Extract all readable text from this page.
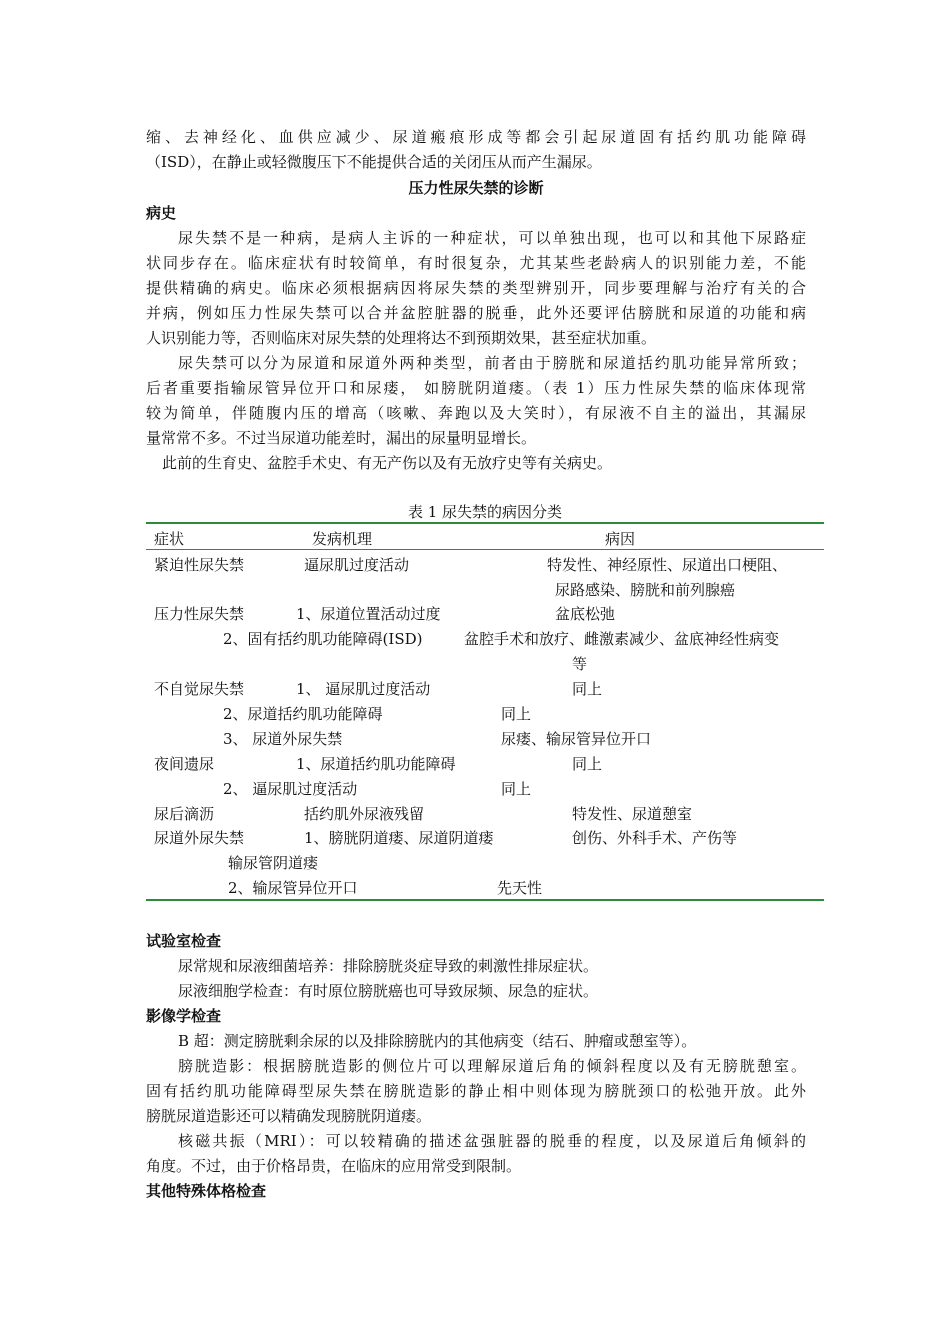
缩、去神经化、血供应减少、尿道瘢痕形成等都会引起尿道固有括约肌功能障碍
（ISD），在静止或轻微腹压下不能提供合适的关闭压从而产生漏尿。
压力性尿失禁的诊断
病史
尿失禁不是一种病，是病人主诉的一种症状，可以单独出现，也可以和其他下尿路症
状同步存在。临床症状有时较简单，有时很复杂，尤其某些老龄病人的识别能力差，不能
提供精确的病史。临床必须根据病因将尿失禁的类型辨别开，同步要理解与治疗有关的合
并病，例如压力性尿失禁可以合并盆腔脏器的脱垂，此外还要评估膀胱和尿道的功能和病
人识别能力等，否则临床对尿失禁的处理将达不到预期效果，甚至症状加重。
尿失禁可以分为尿道和尿道外两种类型，前者由于膀胱和尿道括约肌功能异常所致；
后者重要指输尿管异位开口和尿瘘， 如膀胱阴道瘘。（表 1）压力性尿失禁的临床体现常
较为简单，伴随腹内压的增高（咳嗽、奔跑以及大笑时），有尿液不自主的溢出，其漏尿
量常常不多。不过当尿道功能差时，漏出的尿量明显增长。
此前的生育史、盆腔手术史、有无产伤以及有无放疗史等有关病史。
表 1 尿失禁的病因分类
症状	发病机理	病因
紧迫性尿失禁	逼尿肌过度活动	特发性、神经原性、尿道出口梗阻、
尿路感染、膀胱和前列腺癌
压力性尿失禁	1、尿道位置活动过度	盆底松弛
2、固有括约肌功能障碍(ISD)	盆腔手术和放疗、雌激素减少、盆底神经性病变
等
不自觉尿失禁	1、 逼尿肌过度活动	同上
2、尿道括约肌功能障碍	同上
3、 尿道外尿失禁	尿瘘、输尿管异位开口
夜间遗尿	1、尿道括约肌功能障碍	同上
2、 逼尿肌过度活动	同上
尿后滴沥	括约肌外尿液残留	特发性、尿道憩室
尿道外尿失禁	1、膀胱阴道瘘、尿道阴道瘘	创伤、外科手术、产伤等
输尿管阴道瘘
2、输尿管异位开口	先天性
试验室检查
尿常规和尿液细菌培养：排除膀胱炎症导致的刺激性排尿症状。
尿液细胞学检查：有时原位膀胱癌也可导致尿频、尿急的症状。
影像学检查
B 超：测定膀胱剩余尿的以及排除膀胱内的其他病变（结石、肿瘤或憩室等）。
膀胱造影：根据膀胱造影的侧位片可以理解尿道后角的倾斜程度以及有无膀胱憩室。
固有括约肌功能障碍型尿失禁在膀胱造影的静止相中则体现为膀胱颈口的松弛开放。此外
膀胱尿道造影还可以精确发现膀胱阴道瘘。
核磁共振（MRI）：可以较精确的描述盆强脏器的脱垂的程度，以及尿道后角倾斜的
角度。不过，由于价格昂贵，在临床的应用常受到限制。
其他特殊体格检查
